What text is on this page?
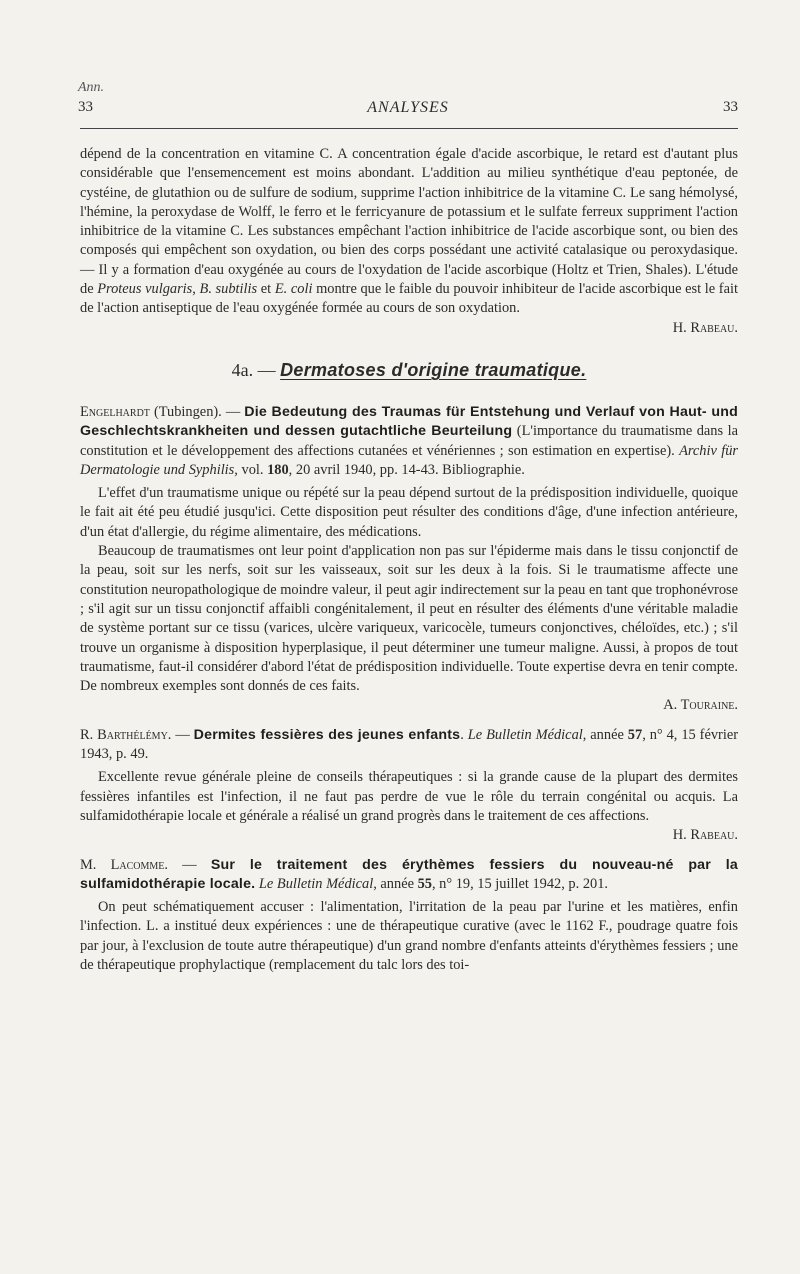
Ann.
33	ANALYSES	33

dépend de la concentration en vitamine C. A concentration égale d'acide ascorbique, le retard est d'autant plus considérable que l'ensemencement est moins abondant. L'addition au milieu synthétique d'eau peptonée, de cystéine, de glutathion ou de sulfure de sodium, supprime l'action inhibitrice de la vitamine C. Le sang hémolysé, l'hémine, la peroxydase de Wolff, le ferro et le ferricyanure de potassium et le sulfate ferreux suppriment l'action inhibitrice de la vitamine C. Les substances empêchant l'action inhibitrice de l'acide ascorbique sont, ou bien des composés qui empêchent son oxydation, ou bien des corps possédant une activité catalasique ou peroxydasique. — Il y a formation d'eau oxygénée au cours de l'oxydation de l'acide ascorbique (Holtz et Trien, Shales). L'étude de Proteus vulgaris, B. subtilis et E. coli montre que le faible du pouvoir inhibiteur de l'acide ascorbique est le fait de l'action antiseptique de l'eau oxygénée formée au cours de son oxydation.

H. Rabeau.
4a. — Dermatoses d'origine traumatique.

Engelhardt (Tubingen). — Die Bedeutung des Traumas für Entstehung und Verlauf von Haut- und Geschlechtskrankheiten und dessen gutachtliche Beurteilung (L'importance du traumatisme dans la constitution et le développement des affections cutanées et vénériennes ; son estimation en expertise). Archiv für Dermatologie und Syphilis, vol. 180, 20 avril 1940, pp. 14-43. Bibliographie.

L'effet d'un traumatisme unique ou répété sur la peau dépend surtout de la prédisposition individuelle, quoique le fait ait été peu étudié jusqu'ici. Cette disposition peut résulter des conditions d'âge, d'une infection antérieure, d'un état d'allergie, du régime alimentaire, des médications.

Beaucoup de traumatismes ont leur point d'application non pas sur l'épiderme mais dans le tissu conjonctif de la peau, soit sur les nerfs, soit sur les vaisseaux, soit sur les deux à la fois. Si le traumatisme affecte une constitution neuropathologique de moindre valeur, il peut agir indirectement sur la peau en tant que trophonévrose ; s'il agit sur un tissu conjonctif affaibli congénitalement, il peut en résulter des éléments d'une véritable maladie de système portant sur ce tissu (varices, ulcère variqueux, varicocèle, tumeurs conjonctives, chéloïdes, etc.) ; s'il trouve un organisme à disposition hyperplasique, il peut déterminer une tumeur maligne. Aussi, à propos de tout traumatisme, faut-il considérer d'abord l'état de prédisposition individuelle. Toute expertise devra en tenir compte. De nombreux exemples sont donnés de ces faits.

A. Touraine.

R. Barthélémy. — Dermites fessières des jeunes enfants. Le Bulletin Médical, année 57, n° 4, 15 février 1943, p. 49.

Excellente revue générale pleine de conseils thérapeutiques : si la grande cause de la plupart des dermites fessières infantiles est l'infection, il ne faut pas perdre de vue le rôle du terrain congénital ou acquis. La sulfamidothérapie locale et générale a réalisé un grand progrès dans le traitement de ces affections.

H. Rabeau.

M. Lacomme. — Sur le traitement des érythèmes fessiers du nouveau-né par la sulfamidothérapie locale. Le Bulletin Médical, année 55, n° 19, 15 juillet 1942, p. 201.

On peut schématiquement accuser : l'alimentation, l'irritation de la peau par l'urine et les matières, enfin l'infection. L. a institué deux expériences : une de thérapeutique curative (avec le 1162 F., poudrage quatre fois par jour, à l'exclusion de toute autre thérapeutique) d'un grand nombre d'enfants atteints d'érythèmes fessiers ; une de thérapeutique prophylactique (remplacement du talc lors des toi-
